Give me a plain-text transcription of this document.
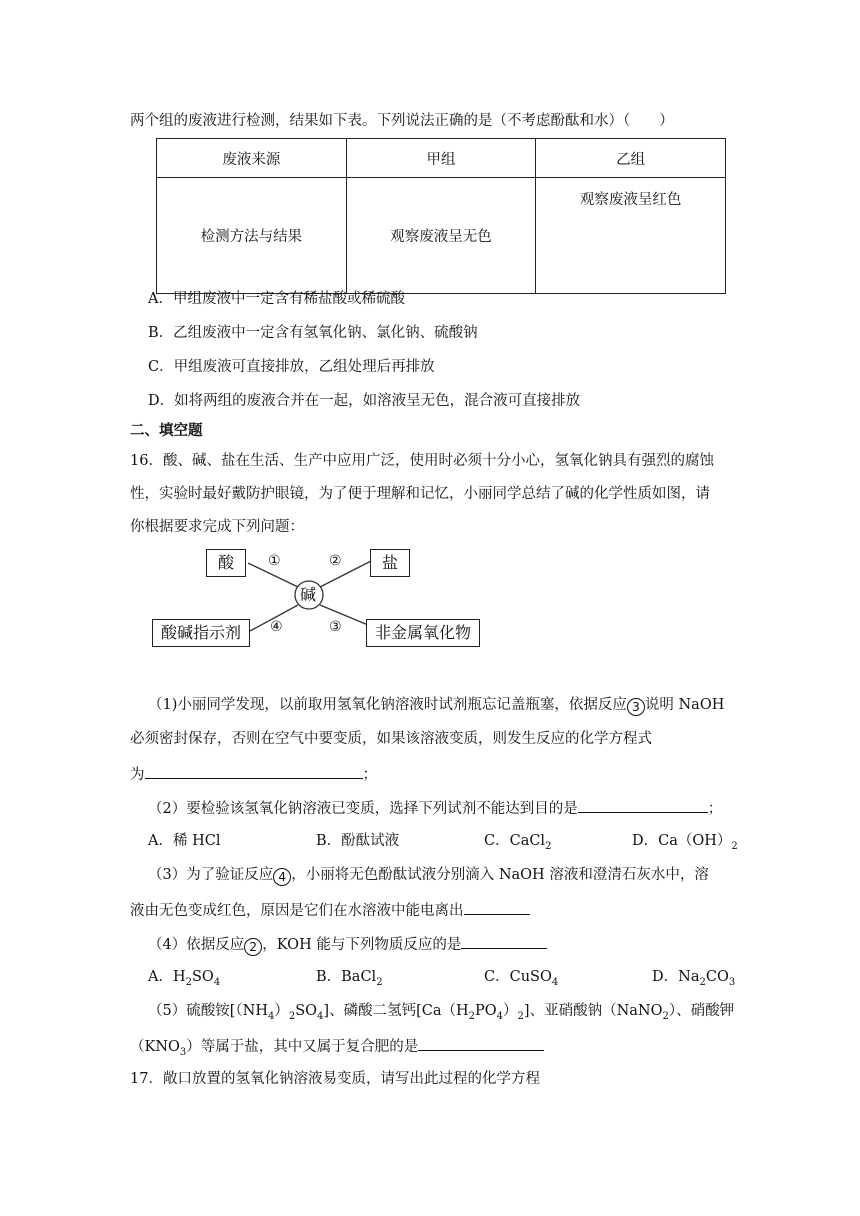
两个组的废液进行检测，结果如下表。下列说法正确的是（不考虑酚酞和水）（　　）
废液来源	甲组	乙组
检测方法与结果	观察废液呈无色	观察废液呈红色
A．甲组废液中一定含有稀盐酸或稀硫酸
B．乙组废液中一定含有氢氧化钠、氯化钠、硫酸钠
C．甲组废液可直接排放，乙组处理后再排放
D．如将两组的废液合并在一起，如溶液呈无色，混合液可直接排放
二、填空题
16．酸、碱、盐在生活、生产中应用广泛，使用时必须十分小心，氢氧化钠具有强烈的腐蚀
性，实验时最好戴防护眼镜，为了便于理解和记忆，小丽同学总结了碱的化学性质如图，请
你根据要求完成下列问题：
碱
酸	盐
酸碱指示剂	非金属氧化物
①	②
③
④
（1)小丽同学发现，以前取用氢氧化钠溶液时试剂瓶忘记盖瓶塞，依据反应 3 说明 NaOH
必须密封保存，否则在空气中要变质，如果该溶液变质，则发生反应的化学方程式
为	；
（2）要检验该氢氧化钠溶液已变质，选择下列试剂不能达到目的是	；
A．稀 HCl	B．酚酞试液	C．CaCl$_2$	D．$Ca(OH)_2$
（3）为了验证反应 4 ，小丽将无色酚酞试液分别滴入 NaOH 溶液和澄清石灰水中，溶
液由无色变成红色，原因是它们在水溶液中能电离出
（4）依据反应 2 ，KOH 能与下列物质反应的是
A．$H_2SO_4$	B．BaCl$_2$	C．CuSO$_4$	D．$Na_2CO_3$
（5）硫酸铵$[(NH_4)_2SO_4]$、磷酸二氢钙$[Ca(H_2PO_4)_2]$、亚硝酸钠（NaNO$_2$）、硝酸钾
$(KNO_3)$等属于盐，其中又属于复合肥的是
17．敞口放置的氢氧化钠溶液易变质，请写出此过程的化学方程
